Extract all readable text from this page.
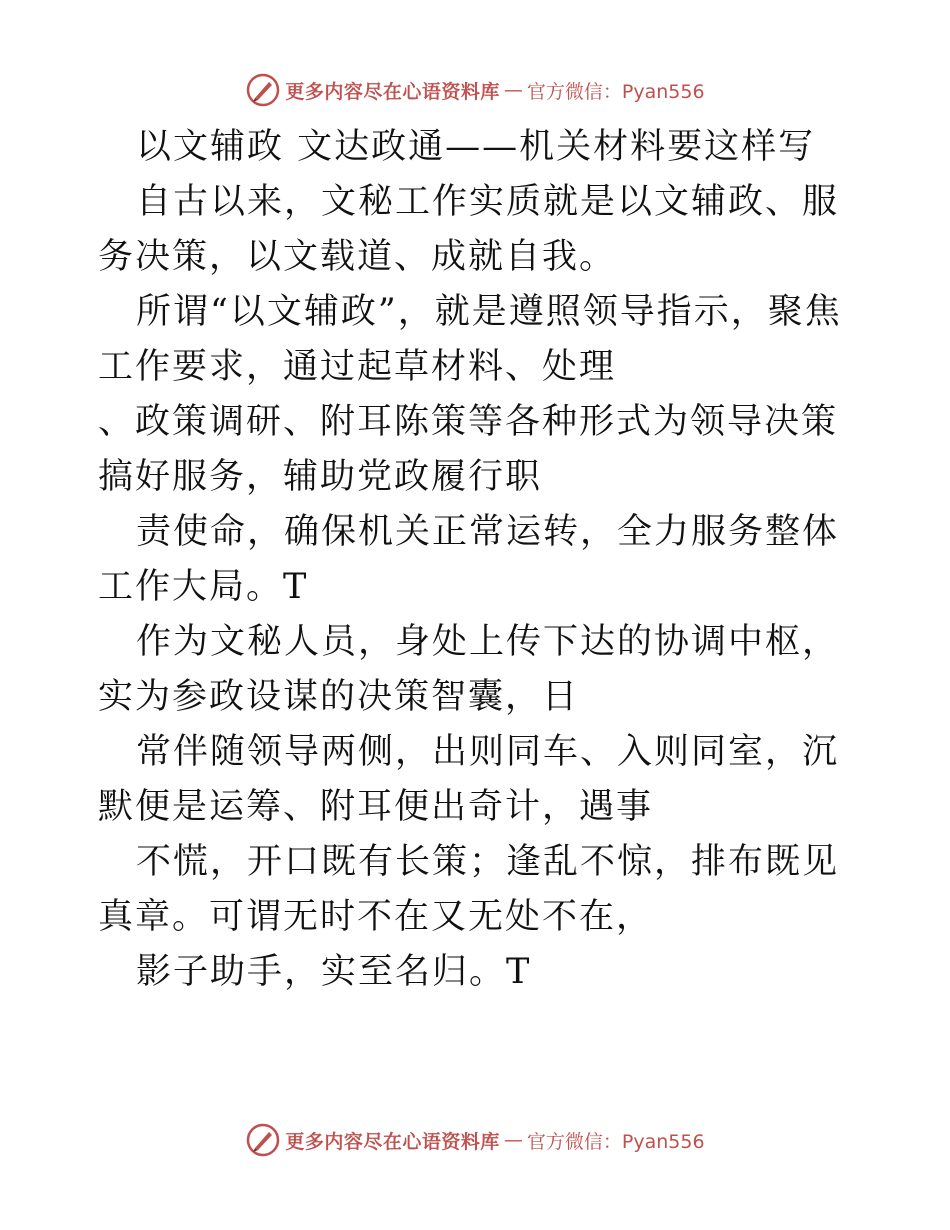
更多内容尽在心语资料库 — 官方微信：Pyan556

以文辅政 文达政通——机关材料要这样写

自古以来，文秘工作实质就是以文辅政、服务决策，以文载道、成就自我。

所谓“以文辅政”，就是遵照领导指示，聚焦工作要求，通过起草材料、处理

、政策调研、附耳陈策等各种形式为领导决策搞好服务，辅助党政履行职

责使命，确保机关正常运转，全力服务整体工作大局。T

作为文秘人员，身处上传下达的协调中枢，实为参政设谋的决策智囊，日

常伴随领导两侧，出则同车、入则同室，沉默便是运筹、附耳便出奇计，遇事

不慌，开口既有长策；逢乱不惊，排布既见真章。可谓无时不在又无处不在，

影子助手，实至名归。T

更多内容尽在心语资料库 — 官方微信：Pyan556
